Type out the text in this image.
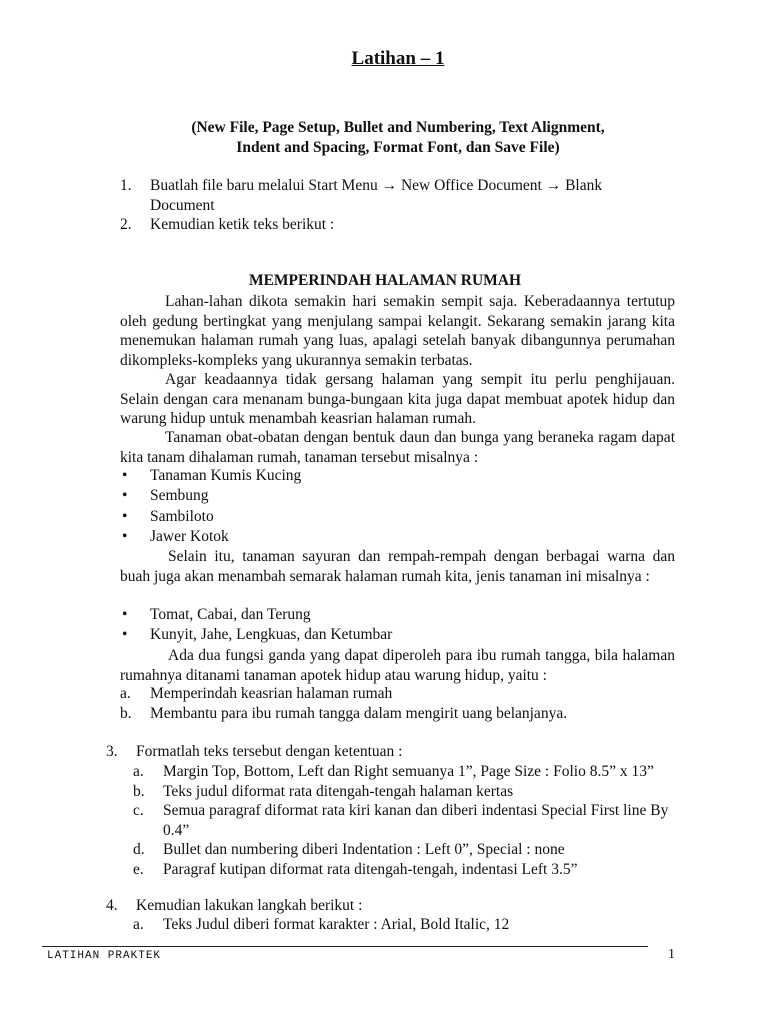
Latihan – 1
(New File, Page Setup, Bullet and Numbering, Text Alignment,
Indent and Spacing, Format Font, dan Save File)
1.	Buatlah file baru melalui Start Menu → New Office Document → Blank Document
2.	Kemudian ketik teks berikut :
MEMPERINDAH HALAMAN RUMAH
Lahan-lahan dikota semakin hari semakin sempit saja. Keberadaannya tertutup oleh gedung bertingkat yang menjulang sampai kelangit. Sekarang semakin jarang kita menemukan halaman rumah yang luas, apalagi setelah banyak dibangunnya perumahan dikompleks-kompleks yang ukurannya semakin terbatas.
Agar keadaannya tidak gersang halaman yang sempit itu perlu penghijauan. Selain dengan cara menanam bunga-bungaan kita juga dapat membuat apotek hidup dan warung hidup untuk menambah keasrian halaman rumah.
Tanaman obat-obatan dengan bentuk daun dan bunga yang beraneka ragam dapat kita tanam dihalaman rumah, tanaman tersebut misalnya :
• Tanaman Kumis Kucing
• Sembung
• Sambiloto
• Jawer Kotok
Selain itu, tanaman sayuran dan rempah-rempah dengan berbagai warna dan buah juga akan menambah semarak halaman rumah kita, jenis tanaman ini misalnya :
• Tomat, Cabai, dan Terung
• Kunyit, Jahe, Lengkuas, dan Ketumbar
Ada dua fungsi ganda yang dapat diperoleh para ibu rumah tangga, bila halaman rumahnya ditanami tanaman apotek hidup atau warung hidup, yaitu :
a. Memperindah keasrian halaman rumah
b. Membantu para ibu rumah tangga dalam mengirit uang belanjanya.
3.	Formatlah teks tersebut dengan ketentuan :
a. Margin Top, Bottom, Left dan Right semuanya 1”, Page Size : Folio 8.5” x 13”
b. Teks judul diformat rata ditengah-tengah halaman kertas
c. Semua paragraf diformat rata kiri kanan dan diberi indentasi Special First line By 0.4”
d. Bullet dan numbering diberi Indentation : Left 0”, Special : none
e. Paragraf kutipan diformat rata ditengah-tengah, indentasi Left 3.5”
4.	Kemudian lakukan langkah berikut :
a. Teks Judul diberi format karakter : Arial, Bold Italic, 12
LATIHAN PRAKTEK	1
